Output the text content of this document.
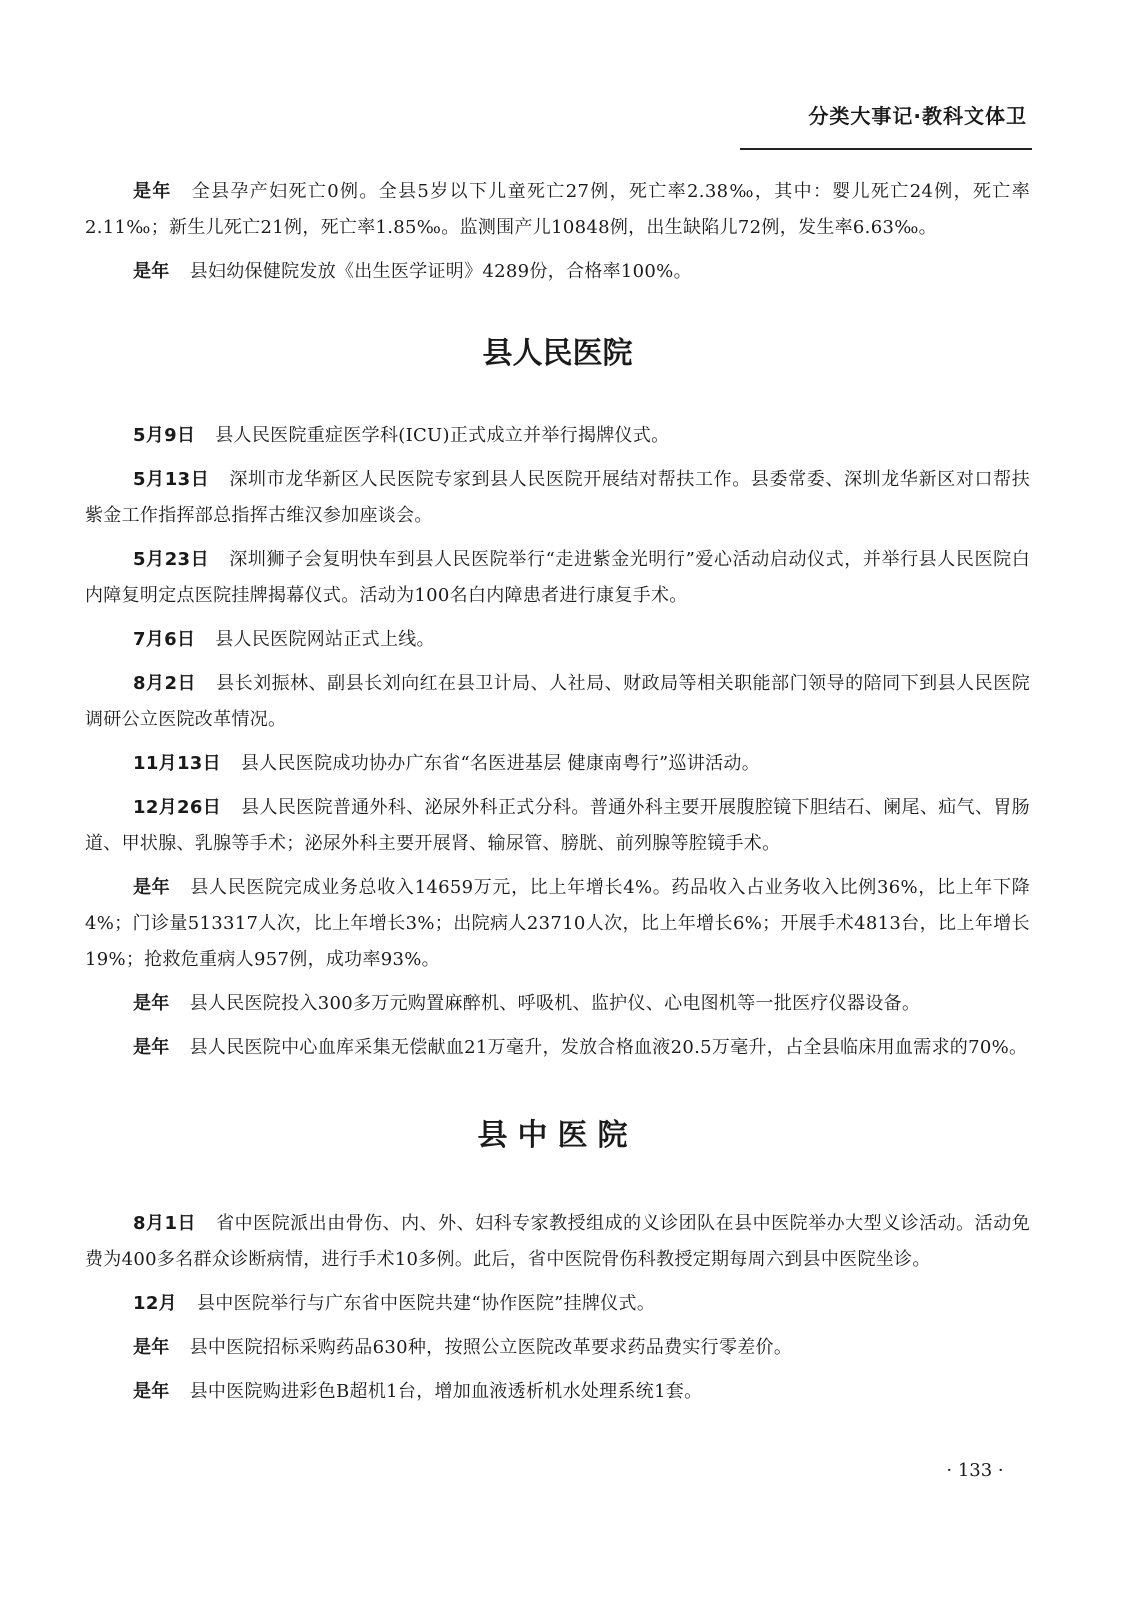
分类大事记·教科文体卫

是年 全县孕产妇死亡0例。全县5岁以下儿童死亡27例，死亡率2.38‰，其中：婴儿死亡24例，死亡率2.11‰；新生儿死亡21例，死亡率1.85‰。监测围产儿10848例，出生缺陷儿72例，发生率6.63‰。

是年 县妇幼保健院发放《出生医学证明》4289份，合格率100%。

县人民医院

5月9日 县人民医院重症医学科(ICU)正式成立并举行揭牌仪式。

5月13日 深圳市龙华新区人民医院专家到县人民医院开展结对帮扶工作。县委常委、深圳龙华新区对口帮扶紫金工作指挥部总指挥古维汉参加座谈会。

5月23日 深圳狮子会复明快车到县人民医院举行“走进紫金光明行”爱心活动启动仪式，并举行县人民医院白内障复明定点医院挂牌揭幕仪式。活动为100名白内障患者进行康复手术。

7月6日 县人民医院网站正式上线。

8月2日 县长刘振林、副县长刘向红在县卫计局、人社局、财政局等相关职能部门领导的陪同下到县人民医院调研公立医院改革情况。

11月13日 县人民医院成功协办广东省“名医进基层 健康南粤行”巡讲活动。

12月26日 县人民医院普通外科、泌尿外科正式分科。普通外科主要开展腹腔镜下胆结石、阑尾、疝气、胃肠道、甲状腺、乳腺等手术；泌尿外科主要开展肾、输尿管、膀胱、前列腺等腔镜手术。

是年 县人民医院完成业务总收入14659万元，比上年增长4%。药品收入占业务收入比例36%，比上年下降4%；门诊量513317人次，比上年增长3%；出院病人23710人次，比上年增长6%；开展手术4813台，比上年增长19%；抢救危重病人957例，成功率93%。

是年 县人民医院投入300多万元购置麻醉机、呼吸机、监护仪、心电图机等一批医疗仪器设备。

是年 县人民医院中心血库采集无偿献血21万毫升，发放合格血液20.5万毫升，占全县临床用血需求的70%。

县中医院

8月1日 省中医院派出由骨伤、内、外、妇科专家教授组成的义诊团队在县中医院举办大型义诊活动。活动免费为400多名群众诊断病情，进行手术10多例。此后，省中医院骨伤科教授定期每周六到县中医院坐诊。

12月 县中医院举行与广东省中医院共建“协作医院”挂牌仪式。

是年 县中医院招标采购药品630种，按照公立医院改革要求药品费实行零差价。

是年 县中医院购进彩色B超机1台，增加血液透析机水处理系统1套。

· 133 ·
